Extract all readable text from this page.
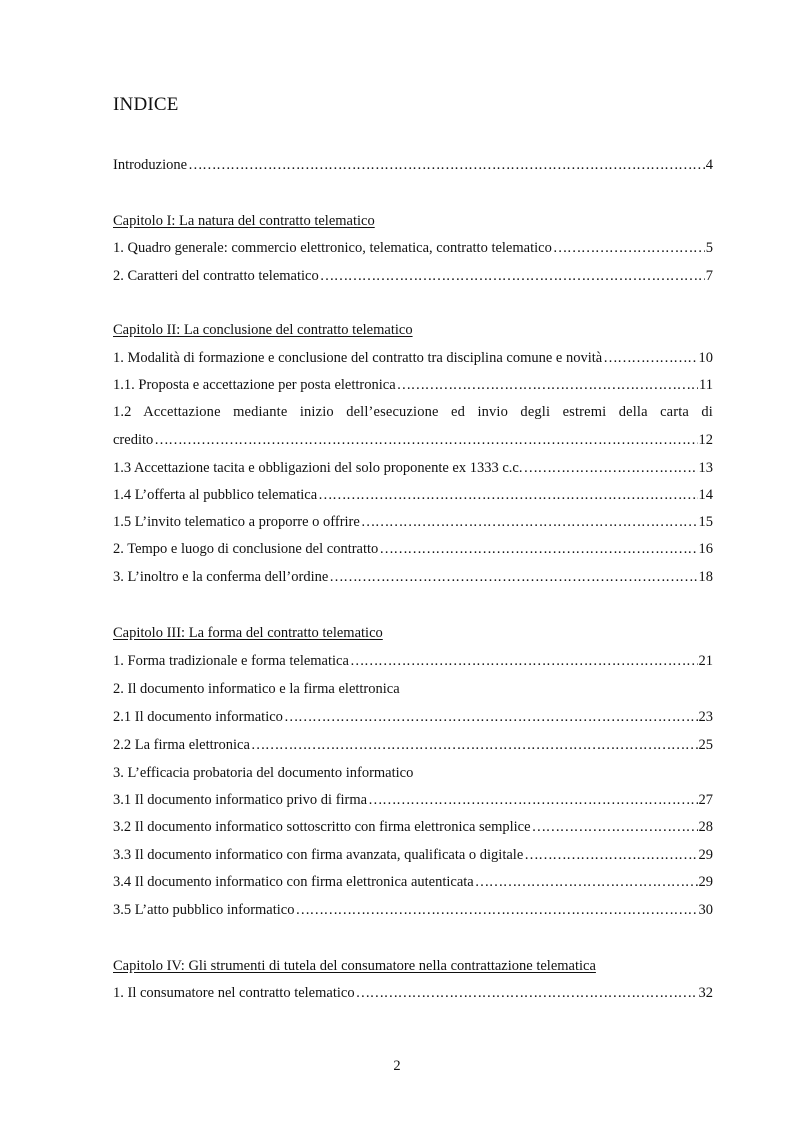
INDICE
Introduzione ……………………………………………………………………………………………………………………………………………………………………	4
Capitolo I: La natura del contratto telematico
1. Quadro generale: commercio elettronico, telematica, contratto telematico ……………………………………………………………………………………………………………………………………………………………………	5
2. Caratteri del contratto telematico ……………………………………………………………………………………………………………………………………………………………………	7
Capitolo II: La conclusione del contratto telematico
1. Modalità di formazione e conclusione del contratto tra disciplina comune e novità ……………………………………………………………………………………………………………………………………………………………………	10
1.1. Proposta e accettazione per posta elettronica ……………………………………………………………………………………………………………………………………………………………………	11
1.2 Accettazione mediante inizio dell’esecuzione ed invio degli estremi della carta di
credito ……………………………………………………………………………………………………………………………………………………………………	12
1.3 Accettazione tacita e obbligazioni del solo proponente ex 1333 c.c. ……………………………………………………………………………………………………………………………………………………………………	13
1.4 L’offerta al pubblico telematica ……………………………………………………………………………………………………………………………………………………………………	14
1.5 L’invito telematico a proporre o offrire ……………………………………………………………………………………………………………………………………………………………………	15
2. Tempo e luogo di conclusione del contratto ……………………………………………………………………………………………………………………………………………………………………	16
3. L’inoltro e la conferma dell’ordine ……………………………………………………………………………………………………………………………………………………………………	18
Capitolo III: La forma del contratto telematico
1. Forma tradizionale e forma telematica ……………………………………………………………………………………………………………………………………………………………………	21
2. Il documento informatico e la firma elettronica
2.1 Il documento informatico ……………………………………………………………………………………………………………………………………………………………………	23
2.2 La firma elettronica ……………………………………………………………………………………………………………………………………………………………………	25
3. L’efficacia probatoria del documento informatico
3.1 Il documento informatico privo di firma ……………………………………………………………………………………………………………………………………………………………………	27
3.2 Il documento informatico sottoscritto con firma elettronica semplice ……………………………………………………………………………………………………………………………………………………………………	28
3.3 Il documento informatico con firma avanzata, qualificata o digitale ……………………………………………………………………………………………………………………………………………………………………	29
3.4 Il documento informatico con firma elettronica autenticata ……………………………………………………………………………………………………………………………………………………………………	29
3.5 L’atto pubblico informatico ……………………………………………………………………………………………………………………………………………………………………	30
Capitolo IV: Gli strumenti di tutela del consumatore nella contrattazione telematica
1. Il consumatore nel contratto telematico ……………………………………………………………………………………………………………………………………………………………………	32
2
